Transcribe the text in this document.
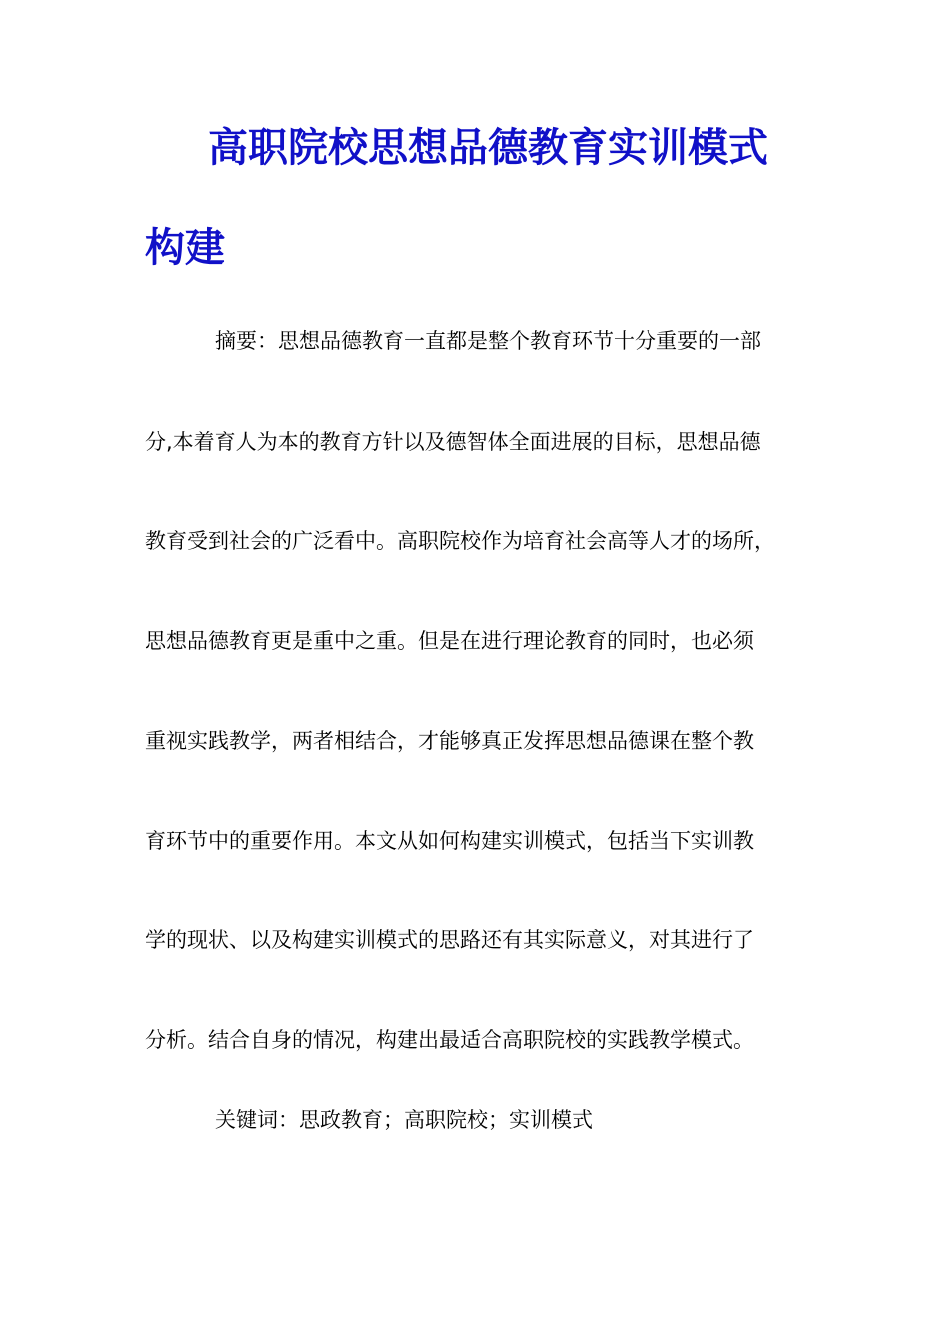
高职院校思想品德教育实训模式
构建

摘要：思想品德教育一直都是整个教育环节十分重要的一部

分,本着育人为本的教育方针以及德智体全面进展的目标，思想品德

教育受到社会的广泛看中。高职院校作为培育社会高等人才的场所，

思想品德教育更是重中之重。但是在进行理论教育的同时，也必须

重视实践教学，两者相结合，才能够真正发挥思想品德课在整个教

育环节中的重要作用。本文从如何构建实训模式，包括当下实训教

学的现状、以及构建实训模式的思路还有其实际意义，对其进行了

分析。结合自身的情况，构建出最适合高职院校的实践教学模式。

关键词：思政教育；高职院校；实训模式
